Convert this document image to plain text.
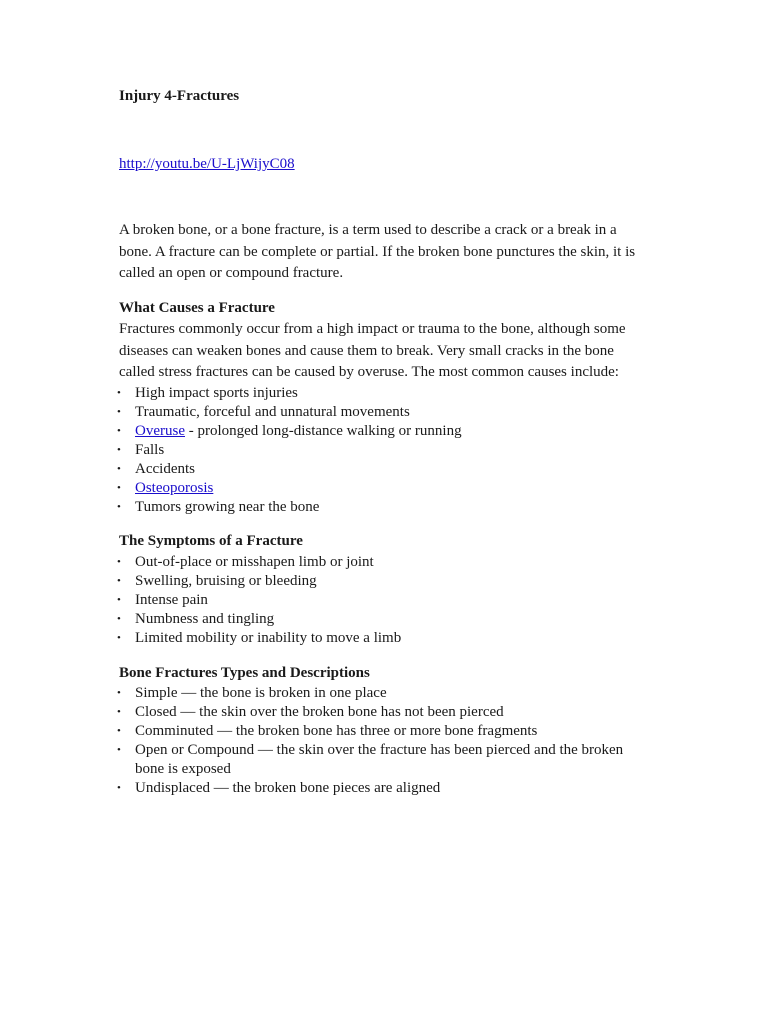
Injury 4-Fractures

http://youtu.be/U-LjWijyC08

A broken bone, or a bone fracture, is a term used to describe a crack or a break in a bone. A fracture can be complete or partial. If the broken bone punctures the skin, it is called an open or compound fracture.

What Causes a Fracture

Fractures commonly occur from a high impact or trauma to the bone, although some diseases can weaken bones and cause them to break. Very small cracks in the bone called stress fractures can be caused by overuse. The most common causes include:

• High impact sports injuries
• Traumatic, forceful and unnatural movements
• Overuse - prolonged long-distance walking or running
• Falls
• Accidents
• Osteoporosis
• Tumors growing near the bone

The Symptoms of a Fracture

• Out-of-place or misshapen limb or joint
• Swelling, bruising or bleeding
• Intense pain
• Numbness and tingling
• Limited mobility or inability to move a limb

Bone Fractures Types and Descriptions

• Simple — the bone is broken in one place
• Closed — the skin over the broken bone has not been pierced
• Comminuted — the broken bone has three or more bone fragments
• Open or Compound — the skin over the fracture has been pierced and the broken bone is exposed
• Undisplaced — the broken bone pieces are aligned
